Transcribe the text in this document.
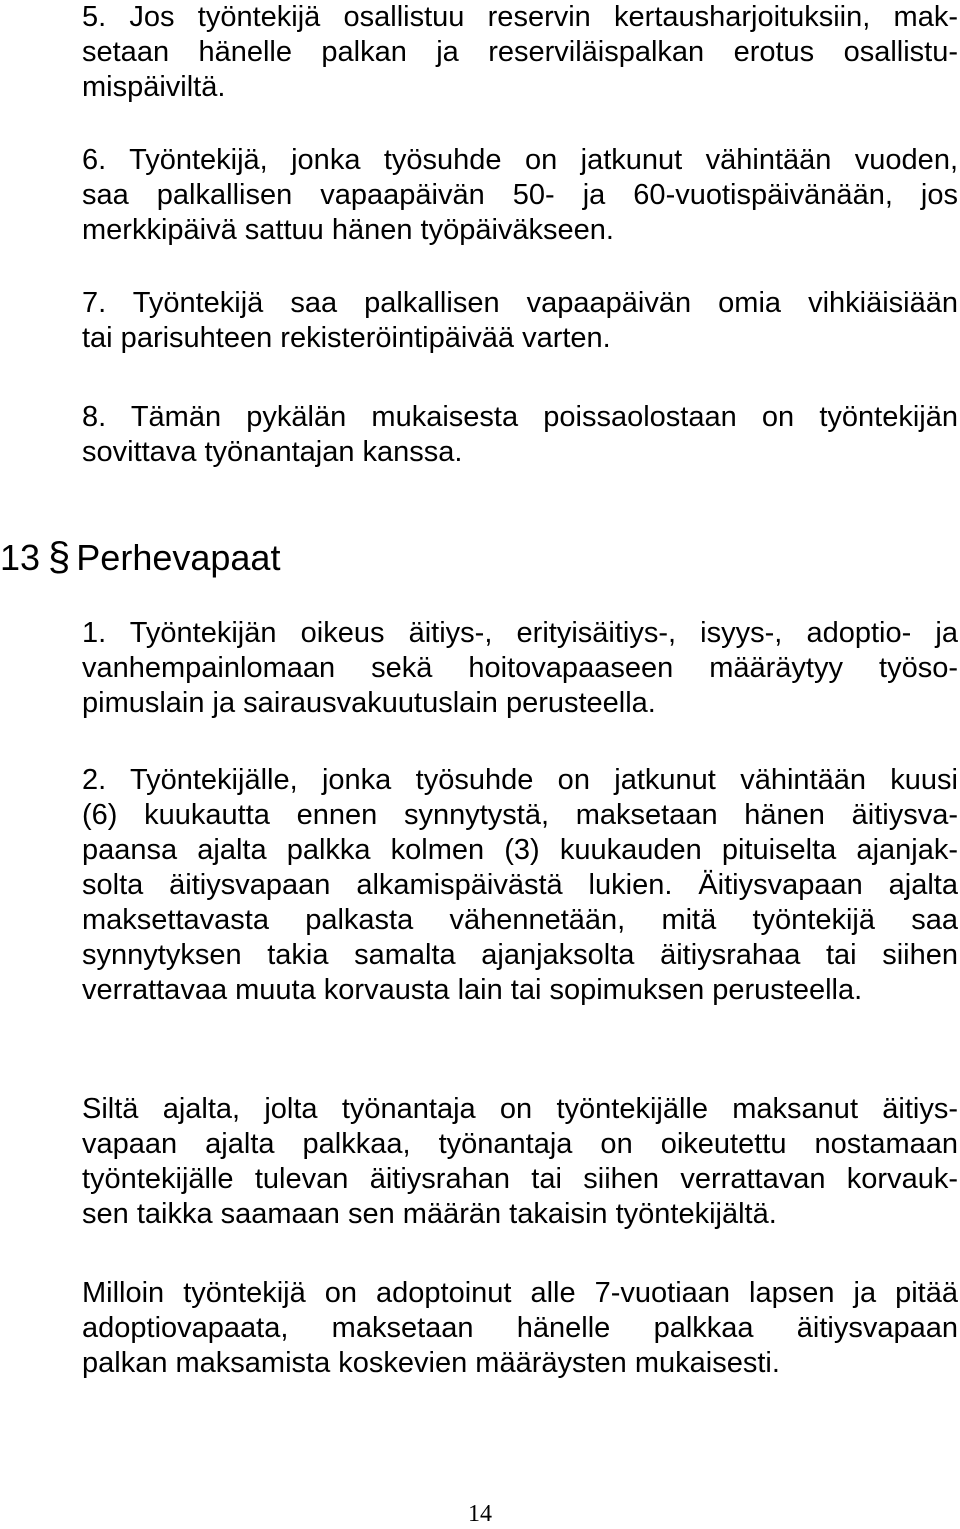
5. Jos työntekijä osallistuu reservin kertausharjoituksiin, mak-
setaan hänelle palkan ja reserviläispalkan erotus osallistu-
mispäiviltä.

6. Työntekijä, jonka työsuhde on jatkunut vähintään vuoden,
saa palkallisen vapaapäivän 50- ja 60-vuotispäivänään, jos
merkkipäivä sattuu hänen työpäiväkseen.

7. Työntekijä saa palkallisen vapaapäivän omia vihkiäisiään
tai parisuhteen rekisteröintipäivää varten.

8. Tämän pykälän mukaisesta poissaolostaan on työntekijän
sovittava työnantajan kanssa.

13 § Perhevapaat

1. Työntekijän oikeus äitiys-, erityisäitiys-, isyys-, adoptio- ja
vanhempainlomaan sekä hoitovapaaseen määräytyy työso-
pimuslain ja sairausvakuutuslain perusteella.

2. Työntekijälle, jonka työsuhde on jatkunut vähintään kuusi
(6) kuukautta ennen synnytystä, maksetaan hänen äitiysva-
paansa ajalta palkka kolmen (3) kuukauden pituiselta ajanjak-
solta äitiysvapaan alkamispäivästä lukien. Äitiysvapaan ajalta
maksettavasta palkasta vähennetään, mitä työntekijä saa
synnytyksen takia samalta ajanjaksolta äitiysrahaa tai siihen
verrattavaa muuta korvausta lain tai sopimuksen perusteella.

Siltä ajalta, jolta työnantaja on työntekijälle maksanut äitiys-
vapaan ajalta palkkaa, työnantaja on oikeutettu nostamaan
työntekijälle tulevan äitiysrahan tai siihen verrattavan korvauk-
sen taikka saamaan sen määrän takaisin työntekijältä.

Milloin työntekijä on adoptoinut alle 7-vuotiaan lapsen ja pitää
adoptiovapaata, maksetaan hänelle palkkaa äitiysvapaan
palkan maksamista koskevien määräysten mukaisesti.

14
